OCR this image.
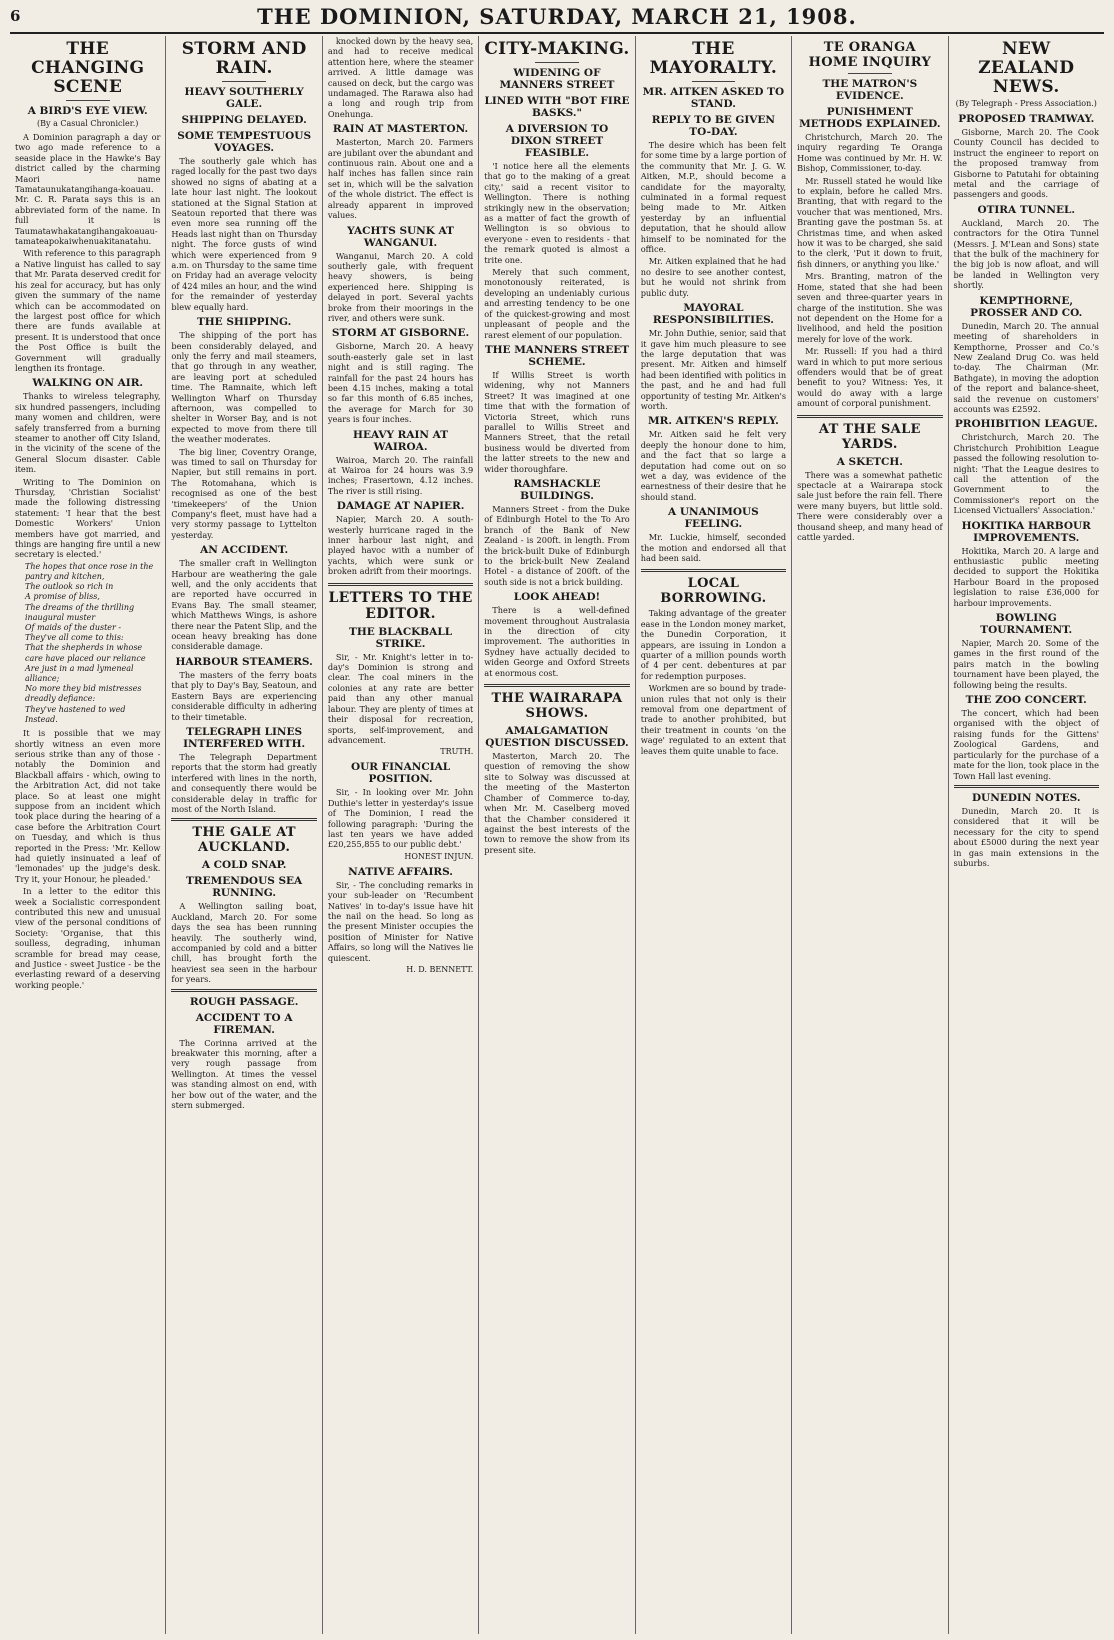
6	THE DOMINION, SATURDAY, MARCH 21, 1908.
THE CHANGING SCENE
A BIRD'S EYE VIEW.
(By a Casual Chronicler.)

A Dominion paragraph a day or two ago made reference to a seaside place in the Hawke's Bay district called by the charming Maori name Tamataunukatangihanga-koauau. Mr. C. R. Parata says this is an abbreviated form of the name. In full it is Taumatawhakatangihangakoauau-tamateapokaiwhenuakitanatahu.

With reference to this paragraph a Native linguist has called to say that Mr. Parata deserved credit for his zeal for accuracy, but has only given the summary of the name which can be accommodated on the largest post office for which there are funds available at present. It is understood that once the Post Office is built the Government will gradually lengthen its frontage.

WALKING ON AIR.

Thanks to wireless telegraphy, six hundred passengers, including many women and children, were safely transferred from a burning steamer to another off City Island, in the vicinity of the scene of the General Slocum disaster. Cable item.

Writing to The Dominion on Thursday, 'Christian Socialist' made the following distressing statement: 'I hear that the best Domestic Workers' Union members have got married, and things are hanging fire until a new secretary is elected.'

The hopes that once rose in the pantry and kitchen,
The outlook so rich in
A promise of bliss,
The dreams of the thrilling inaugural muster
Of maids of the duster -
They've all come to this:
That the shepherds in whose care have placed our reliance
Are just in a mad lymeneal alliance;
No more they bid mistresses dreadly defiance:
They've hastened to wed
Instead.

It is possible that we may shortly witness an even more serious strike than any of those - notably the Dominion and Blackball affairs - which, owing to the Arbitration Act, did not take place. So at least one might suppose from an incident which took place during the hearing of a case before the Arbitration Court on Tuesday, and which is thus reported in the Press: 'Mr. Kellow had quietly insinuated a leaf of 'lemonades' up the judge's desk. Try it, your Honour, he pleaded.'

In a letter to the editor this week a Socialistic correspondent contributed this new and unusual view of the personal conditions of Society: 'Organise, that this soulless, degrading, inhuman scramble for bread may cease, and Justice - sweet Justice - be the everlasting reward of a deserving working people.'

STORM AND RAIN.
HEAVY SOUTHERLY GALE.
SHIPPING DELAYED.
SOME TEMPESTUOUS VOYAGES.

The southerly gale which has raged locally for the past two days showed no signs of abating at a late hour last night. The lookout stationed at the Signal Station at Seatoun reported that there was even more sea running off the Heads last night than on Thursday night. The force gusts of wind which were experienced from 9 a.m. on Thursday to the same time on Friday had an average velocity of 424 miles an hour, and the wind for the remainder of yesterday blew equally hard.

THE SHIPPING.

The shipping of the port has been considerably delayed, and only the ferry and mail steamers, that go through in any weather, are leaving port at scheduled time. The Ramnaite, which left Wellington Wharf on Thursday afternoon, was compelled to shelter in Worser Bay, and is not expected to move from there till the weather moderates.

The big liner, Coventry Orange, was timed to sail on Thursday for Napier, but still remains in port. The Rotomahana, which is recognised as one of the best 'timekeepers' of the Union Company's fleet, must have had a very stormy passage to Lyttelton yesterday.

AN ACCIDENT.

The smaller craft in Wellington Harbour are weathering the gale well, and the only accidents that are reported have occurred in Evans Bay. The small steamer, which Matthews Wings, is ashore there near the Patent Slip, and the ocean heavy breaking has done considerable damage.

HARBOUR STEAMERS.

The masters of the ferry boats that ply to Day's Bay, Seatoun, and Eastern Bays are experiencing considerable difficulty in adhering to their timetable.

TELEGRAPH LINES INTERFERED WITH.

The Telegraph Department reports that the storm had greatly interfered with lines in the north, and consequently there would be considerable delay in traffic for most of the North Island.

THE GALE AT AUCKLAND.
A COLD SNAP.
TREMENDOUS SEA RUNNING.

A Wellington sailing boat, Auckland, March 20. For some days the sea has been running heavily. The southerly wind, accompanied by cold and a bitter chill, has brought forth the heaviest sea seen in the harbour for years.

ROUGH PASSAGE.
ACCIDENT TO A FIREMAN.

The Corinna arrived at the breakwater this morning, after a very rough passage from Wellington. At times the vessel was standing almost on end, with her bow out of the water, and the stern submerged.

knocked down by the heavy sea, and had to receive medical attention here, where the steamer arrived. A little damage was caused on deck, but the cargo was undamaged. The Rarawa also had a long and rough trip from Onehunga.

RAIN AT MASTERTON.

Masterton, March 20. Farmers are jubilant over the abundant and continuous rain. About one and a half inches has fallen since rain set in, which will be the salvation of the whole district. The effect is already apparent in improved values.

YACHTS SUNK AT WANGANUI.

Wanganui, March 20. A cold southerly gale, with frequent heavy showers, is being experienced here. Shipping is delayed in port. Several yachts broke from their moorings in the river, and others were sunk.

STORM AT GISBORNE.

Gisborne, March 20. A heavy south-easterly gale set in last night and is still raging. The rainfall for the past 24 hours has been 4.15 inches, making a total so far this month of 6.85 inches, the average for March for 30 years is four inches.

HEAVY RAIN AT WAIROA.

Wairoa, March 20. The rainfall at Wairoa for 24 hours was 3.9 inches; Frasertown, 4.12 inches. The river is still rising.

DAMAGE AT NAPIER.

Napier, March 20. A south-westerly hurricane raged in the inner harbour last night, and played havoc with a number of yachts, which were sunk or broken adrift from their moorings.

LETTERS TO THE EDITOR.
THE BLACKBALL STRIKE.

Sir, - Mr. Knight's letter in to-day's Dominion is strong and clear. The coal miners in the colonies at any rate are better paid than any other manual labour. They are plenty of times at their disposal for recreation, sports, self-improvement, and advancement.

TRUTH.
OUR FINANCIAL POSITION.

Sir, - In looking over Mr. John Duthie's letter in yesterday's issue of The Dominion, I read the following paragraph: 'During the last ten years we have added £20,255,855 to our public debt.'

HONEST INJUN.
NATIVE AFFAIRS.

Sir, - The concluding remarks in your sub-leader on 'Recumbent Natives' in to-day's issue have hit the nail on the head. So long as the present Minister occupies the position of Minister for Native Affairs, so long will the Natives lie quiescent.

H. D. BENNETT.
CITY-MAKING.
WIDENING OF MANNERS STREET
LINED WITH "BOT FIRE BASKS."
A DIVERSION TO DIXON STREET FEASIBLE.

'I notice here all the elements that go to the making of a great city,' said a recent visitor to Wellington. There is nothing strikingly new in the observation; as a matter of fact the growth of Wellington is so obvious to everyone - even to residents - that the remark quoted is almost a trite one.

Merely that such comment, monotonously reiterated, is developing an undeniably curious and arresting tendency to be one of the quickest-growing and most unpleasant of people and the rarest element of our population.

THE MANNERS STREET SCHEME.

If Willis Street is worth widening, why not Manners Street? It was imagined at one time that with the formation of Victoria Street, which runs parallel to Willis Street and Manners Street, that the retail business would be diverted from the latter streets to the new and wider thoroughfare.

RAMSHACKLE BUILDINGS.

Manners Street - from the Duke of Edinburgh Hotel to the To Aro branch of the Bank of New Zealand - is 200ft. in length. From the brick-built Duke of Edinburgh to the brick-built New Zealand Hotel - a distance of 200ft. of the south side is not a brick building.

LOOK AHEAD!

There is a well-defined movement throughout Australasia in the direction of city improvement. The authorities in Sydney have actually decided to widen George and Oxford Streets at enormous cost.

THE WAIRARAPA SHOWS.
AMALGAMATION QUESTION DISCUSSED.

Masterton, March 20. The question of removing the show site to Solway was discussed at the meeting of the Masterton Chamber of Commerce to-day, when Mr. M. Caselberg moved that the Chamber considered it against the best interests of the town to remove the show from its present site.

THE MAYORALTY.
MR. AITKEN ASKED TO STAND.
REPLY TO BE GIVEN TO-DAY.

The desire which has been felt for some time by a large portion of the community that Mr. J. G. W. Aitken, M.P., should become a candidate for the mayoralty, culminated in a formal request being made to Mr. Aitken yesterday by an influential deputation, that he should allow himself to be nominated for the office.

Mr. Aitken explained that he had no desire to see another contest, but he would not shrink from public duty.

MAYORAL RESPONSIBILITIES.

Mr. John Duthie, senior, said that it gave him much pleasure to see the large deputation that was present. Mr. Aitken and himself had been identified with politics in the past, and he and had full opportunity of testing Mr. Aitken's worth.

MR. AITKEN'S REPLY.

Mr. Aitken said he felt very deeply the honour done to him, and the fact that so large a deputation had come out on so wet a day, was evidence of the earnestness of their desire that he should stand.

A UNANIMOUS FEELING.

Mr. Luckie, himself, seconded the motion and endorsed all that had been said.

LOCAL BORROWING.

Taking advantage of the greater ease in the London money market, the Dunedin Corporation, it appears, are issuing in London a quarter of a million pounds worth of 4 per cent. debentures at par for redemption purposes.

Workmen are so bound by trade-union rules that not only is their removal from one department of trade to another prohibited, but their treatment in counts 'on the wage' regulated to an extent that leaves them quite unable to face.

TE ORANGA HOME INQUIRY
THE MATRON'S EVIDENCE.
PUNISHMENT METHODS EXPLAINED.

Christchurch, March 20. The inquiry regarding Te Oranga Home was continued by Mr. H. W. Bishop, Commissioner, to-day.

Mr. Russell stated he would like to explain, before he called Mrs. Branting, that with regard to the voucher that was mentioned, Mrs. Branting gave the postman 5s. at Christmas time, and when asked how it was to be charged, she said to the clerk, 'Put it down to fruit, fish dinners, or anything you like.'

Mrs. Branting, matron of the Home, stated that she had been seven and three-quarter years in charge of the institution. She was not dependent on the Home for a livelihood, and held the position merely for love of the work.

Mr. Russell: If you had a third ward in which to put more serious offenders would that be of great benefit to you? Witness: Yes, it would do away with a large amount of corporal punishment.

AT THE SALE YARDS.
A SKETCH.

There was a somewhat pathetic spectacle at a Wairarapa stock sale just before the rain fell. There were many buyers, but little sold. There were considerably over a thousand sheep, and many head of cattle yarded.

NEW ZEALAND NEWS.
(By Telegraph - Press Association.)
PROPOSED TRAMWAY.

Gisborne, March 20. The Cook County Council has decided to instruct the engineer to report on the proposed tramway from Gisborne to Patutahi for obtaining metal and the carriage of passengers and goods.

OTIRA TUNNEL.

Auckland, March 20. The contractors for the Otira Tunnel (Messrs. J. M'Lean and Sons) state that the bulk of the machinery for the big job is now afloat, and will be landed in Wellington very shortly.

KEMPTHORNE, PROSSER AND CO.

Dunedin, March 20. The annual meeting of shareholders in Kempthorne, Prosser and Co.'s New Zealand Drug Co. was held to-day. The Chairman (Mr. Bathgate), in moving the adoption of the report and balance-sheet, said the revenue on customers' accounts was £2592.

PROHIBITION LEAGUE.

Christchurch, March 20. The Christchurch Prohibition League passed the following resolution to-night: 'That the League desires to call the attention of the Government to the Commissioner's report on the Licensed Victuallers' Association.'

HOKITIKA HARBOUR IMPROVEMENTS.

Hokitika, March 20. A large and enthusiastic public meeting decided to support the Hokitika Harbour Board in the proposed legislation to raise £36,000 for harbour improvements.

BOWLING TOURNAMENT.

Napier, March 20. Some of the games in the first round of the pairs match in the bowling tournament have been played, the following being the results.

THE ZOO CONCERT.

The concert, which had been organised with the object of raising funds for the Gittens' Zoological Gardens, and particularly for the purchase of a mate for the lion, took place in the Town Hall last evening.

DUNEDIN NOTES.

Dunedin, March 20. It is considered that it will be necessary for the city to spend about £5000 during the next year in gas main extensions in the suburbs.
